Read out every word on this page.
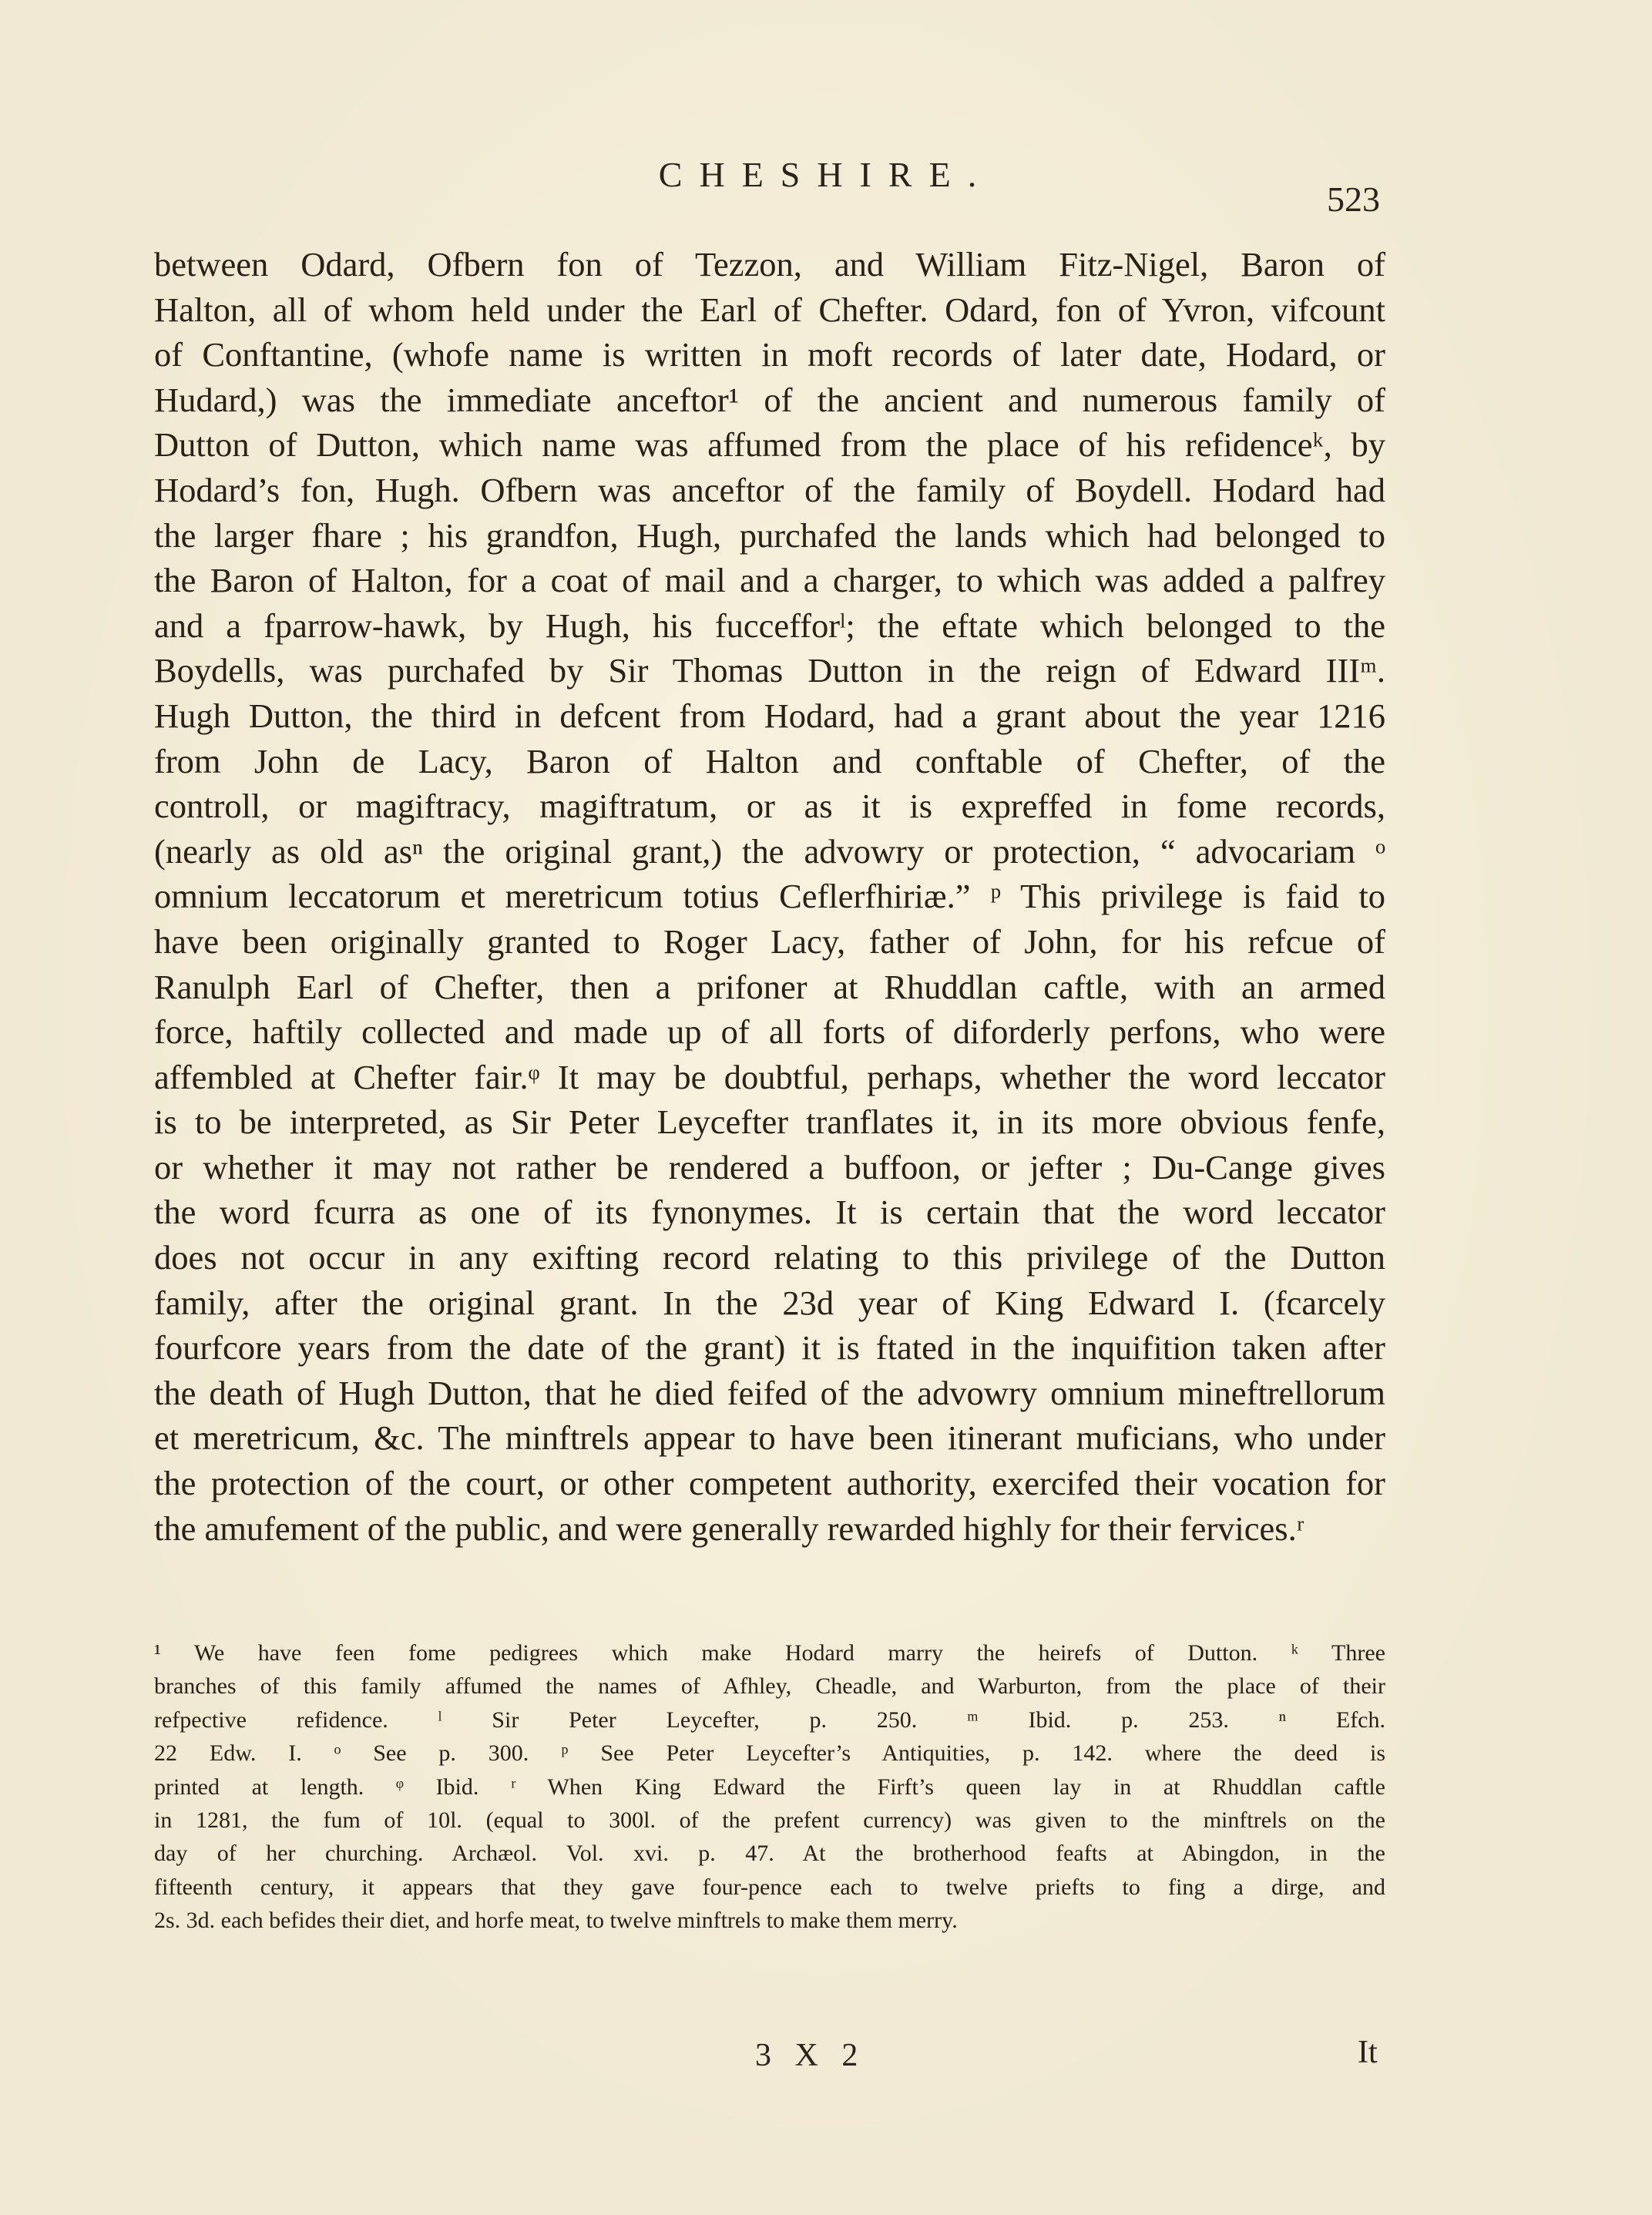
CHESHIRE.
523
between Odard, Ofbern fon of Tezzon, and William Fitz-Nigel, Baron of
Halton, all of whom held under the Earl of Chefter. Odard, fon of Yvron, vifcount
of Conftantine, (whofe name is written in moft records of later date, Hodard, or
Hudard,) was the immediate anceftor¹ of the ancient and numerous family of
Dutton of Dutton, which name was affumed from the place of his refidenceᵏ, by
Hodard’s fon, Hugh. Ofbern was anceftor of the family of Boydell. Hodard had
the larger fhare ; his grandfon, Hugh, purchafed the lands which had belonged to
the Baron of Halton, for a coat of mail and a charger, to which was added a palfrey
and a fparrow-hawk, by Hugh, his fuccefforˡ; the eftate which belonged to the
Boydells, was purchafed by Sir Thomas Dutton in the reign of Edward IIIᵐ.
Hugh Dutton, the third in defcent from Hodard, had a grant about the year 1216
from John de Lacy, Baron of Halton and conftable of Chefter, of the
controll, or magiftracy, magiftratum, or as it is expreffed in fome records,
(nearly as old asⁿ the original grant,) the advowry or protection, “ advocariam ᵒ
omnium leccatorum et meretricum totius Ceflerfhiriæ.” ᵖ This privilege is faid to
have been originally granted to Roger Lacy, father of John, for his refcue of
Ranulph Earl of Chefter, then a prifoner at Rhuddlan caftle, with an armed
force, haftily collected and made up of all forts of diforderly perfons, who were
affembled at Chefter fair.ᵠ It may be doubtful, perhaps, whether the word leccator
is to be interpreted, as Sir Peter Leycefter tranflates it, in its more obvious fenfe,
or whether it may not rather be rendered a buffoon, or jefter ; Du-Cange gives
the word fcurra as one of its fynonymes. It is certain that the word leccator
does not occur in any exifting record relating to this privilege of the Dutton
family, after the original grant. In the 23d year of King Edward I. (fcarcely
fourfcore years from the date of the grant) it is ftated in the inquifition taken after
the death of Hugh Dutton, that he died feifed of the advowry omnium mineftrellorum
et meretricum, &c. The minftrels appear to have been itinerant muficians, who under
the protection of the court, or other competent authority, exercifed their vocation for
the amufement of the public, and were generally rewarded highly for their fervices.ʳ
¹ We have feen fome pedigrees which make Hodard marry the heirefs of Dutton. ᵏ Three
branches of this family affumed the names of Afhley, Cheadle, and Warburton, from the place of their
refpective refidence. ˡ Sir Peter Leycefter, p. 250. ᵐ Ibid. p. 253. ⁿ Efch.
22 Edw. I. ᵒ See p. 300. ᵖ See Peter Leycefter’s Antiquities, p. 142. where the deed is
printed at length. ᵠ Ibid. ʳ When King Edward the Firft’s queen lay in at Rhuddlan caftle
in 1281, the fum of 10l. (equal to 300l. of the prefent currency) was given to the minftrels on the
day of her churching. Archæol. Vol. xvi. p. 47. At the brotherhood feafts at Abingdon, in the
fifteenth century, it appears that they gave four-pence each to twelve priefts to fing a dirge, and
2s. 3d. each befides their diet, and horfe meat, to twelve minftrels to make them merry.
3 X 2	It
